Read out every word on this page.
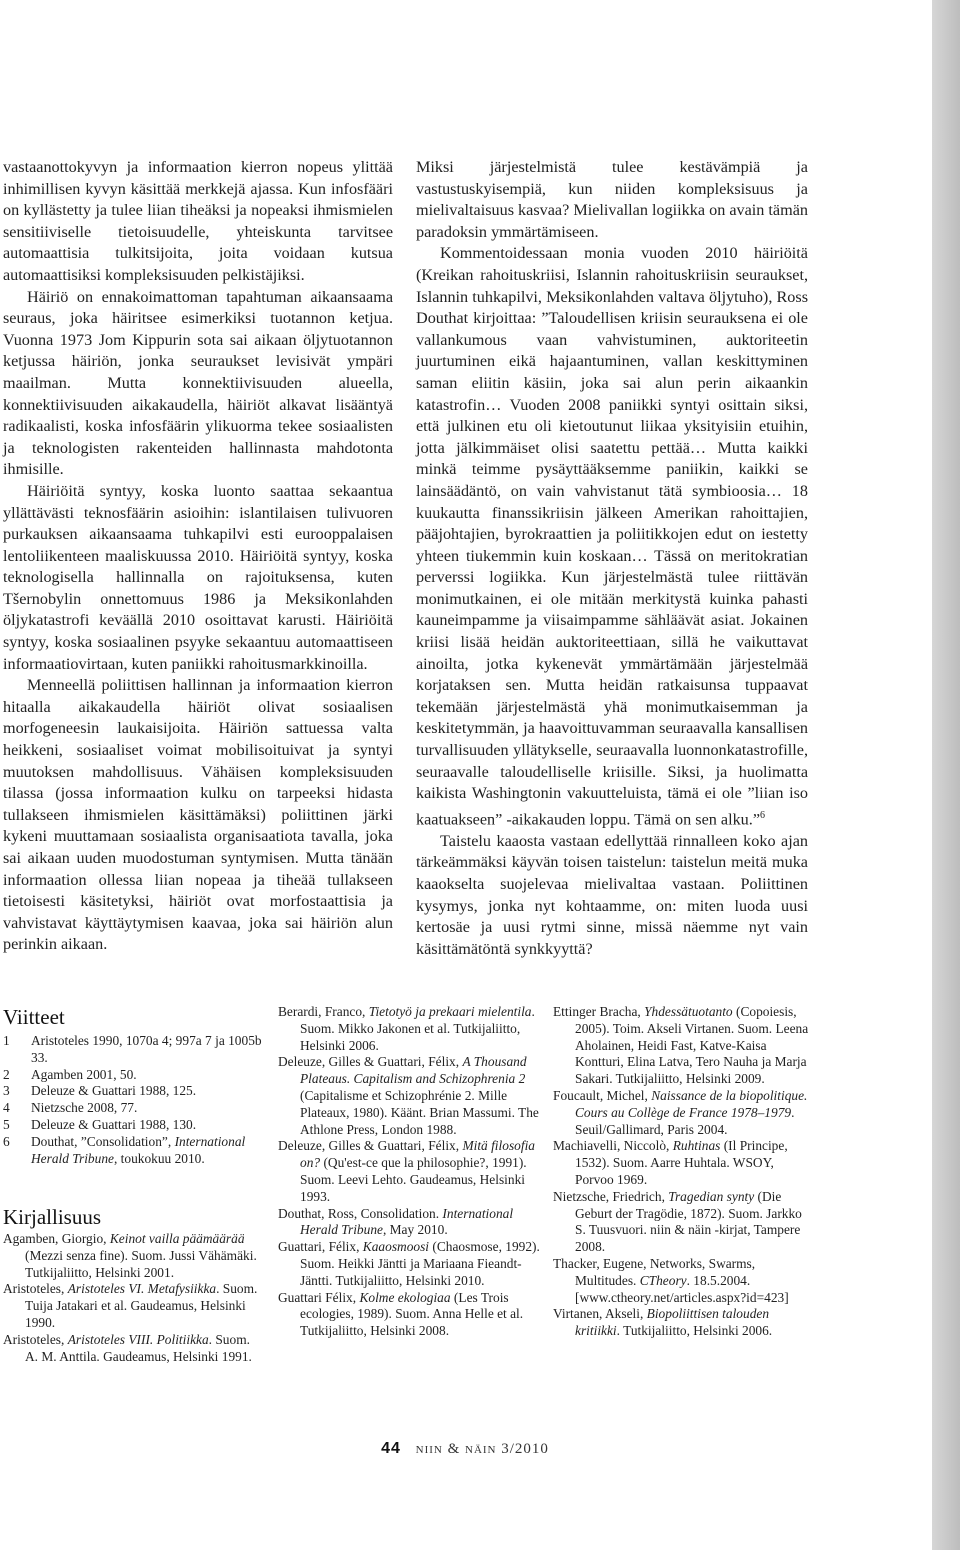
vastaanottokyvyn ja informaation kierron nopeus ylittää inhimillisen kyvyn käsittää merkkejä ajassa. Kun infosfääri on kyllästetty ja tulee liian tiheäksi ja nopeaksi ihmismielen sensitiiviselle tietoisuudelle, yhteiskunta tarvitsee automaattisia tulkitsijoita, joita voidaan kutsua automaattisiksi kompleksisuuden pelkistäjiksi.

Häiriö on ennakoimattoman tapahtuman aikaansaama seuraus, joka häiritsee esimerkiksi tuotannon ketjua. Vuonna 1973 Jom Kippurin sota sai aikaan öljytuotannon ketjussa häiriön, jonka seuraukset levisivät ympäri maailman. Mutta konnektiivisuuden alueella, konnektiivisuuden aikakaudella, häiriöt alkavat lisääntyä radikaalisti, koska infosfäärin ylikuorma tekee sosiaalisten ja teknologisten rakenteiden hallinnasta mahdotonta ihmisille.

Häiriöitä syntyy, koska luonto saattaa sekaantua yllättävästi teknosfäärin asioihin: islantilaisen tulivuoren purkauksen aikaansaama tuhkapilvi esti eurooppalaisen lentoliikenteen maaliskuussa 2010. Häiriöitä syntyy, koska teknologisella hallinnalla on rajoituksensa, kuten Tšernobylin onnettomuus 1986 ja Meksikonlahden öljykatastrofi keväällä 2010 osoittavat karusti. Häiriöitä syntyy, koska sosiaalinen psyyke sekaantuu automaattiseen informaatiovirtaan, kuten paniikki rahoitusmarkkinoilla.

Menneellä poliittisen hallinnan ja informaation kierron hitaalla aikakaudella häiriöt olivat sosiaalisen morfogeneesin laukaisijoita. Häiriön sattuessa valta heikkeni, sosiaaliset voimat mobilisoituivat ja syntyi muutoksen mahdollisuus. Vähäisen kompleksisuuden tilassa (jossa informaation kulku on tarpeeksi hidasta tullakseen ihmismielen käsittämäksi) poliittinen järki kykeni muuttamaan sosiaalista organisaatiota tavalla, joka sai aikaan uuden muodostuman syntymisen. Mutta tänään informaation ollessa liian nopeaa ja tiheää tullakseen tietoisesti käsitetyksi, häiriöt ovat morfostaattisia ja vahvistavat käyttäytymisen kaavaa, joka sai häiriön alun perinkin aikaan.

Miksi järjestelmistä tulee kestävämpiä ja vastustuskyisempiä, kun niiden kompleksisuus ja mielivaltaisuus kasvaa? Mielivallan logiikka on avain tämän paradoksin ymmärtämiseen.

Kommentoidessaan monia vuoden 2010 häiriöitä (Kreikan rahoituskriisi, Islannin rahoituskriisin seuraukset, Islannin tuhkapilvi, Meksikonlahden valtava öljytuho), Ross Douthat kirjoittaa: ”Taloudellisen kriisin seurauksena ei ole vallankumous vaan vahvistuminen, auktoriteetin juurtuminen eikä hajaantuminen, vallan keskittyminen saman eliitin käsiin, joka sai alun perin aikaankin katastrofin… Vuoden 2008 paniikki syntyi osittain siksi, että julkinen etu oli kietoutunut liikaa yksityisiin etuihin, jotta jälkimmäiset olisi saatettu pettää… Mutta kaikki minkä teimme pysäyttääksemme paniikin, kaikki se lainsäädäntö, on vain vahvistanut tätä symbioosia… 18 kuukautta finanssikriisin jälkeen Amerikan rahoittajien, pääjohtajien, byrokraattien ja poliitikkojen edut on iestetty yhteen tiukemmin kuin koskaan… Tässä on meritokratian perverssi logiikka. Kun järjestelmästä tulee riittävän monimutkainen, ei ole mitään merkitystä kuinka pahasti kauneimpamme ja viisaimpamme sähläävät asiat. Jokainen kriisi lisää heidän auktoriteettiaan, sillä he vaikuttavat ainoilta, jotka kykenevät ymmärtämään järjestelmää korjataksen sen. Mutta heidän ratkaisunsa tuppaavat tekemään järjestelmästä yhä monimutkaisemman ja keskitetymmän, ja haavoittuvamman seuraavalla kansallisen turvallisuuden yllätykselle, seuraavalla luonnonkatastrofille, seuraavalle taloudelliselle kriisille. Siksi, ja huolimatta kaikista Washingtonin vakuutteluista, tämä ei ole ”liian iso kaatuakseen” -aikakauden loppu. Tämä on sen alku.”$^6$

Taistelu kaaosta vastaan edellyttää rinnalleen koko ajan tärkeämmäksi käyvän toisen taistelun: taistelun meitä muka kaaokselta suojelevaa mielivaltaa vastaan. Poliittinen kysymys, jonka nyt kohtaamme, on: miten luoda uusi kertosäe ja uusi rytmi sinne, missä näemme nyt vain käsittämätöntä synkkyyttä?

Viitteet
1 Aristoteles 1990, 1070a 4; 997a 7 ja 1005b 33.
2 Agamben 2001, 50.
3 Deleuze & Guattari 1988, 125.
4 Nietzsche 2008, 77.
5 Deleuze & Guattari 1988, 130.
6 Douthat, ”Consolidation”, International Herald Tribune, toukokuu 2010.
Kirjallisuus

Agamben, Giorgio, Keinot vailla päämäärää (Mezzi senza fine). Suom. Jussi Vähämäki. Tutkijaliitto, Helsinki 2001.

Aristoteles, Aristoteles VI. Metafysiikka. Suom. Tuija Jatakari et al. Gaudeamus, Helsinki 1990.

Aristoteles, Aristoteles VIII. Politiikka. Suom. A. M. Anttila. Gaudeamus, Helsinki 1991.

Berardi, Franco, Tietotyö ja prekaari mielentila. Suom. Mikko Jakonen et al. Tutkijaliitto, Helsinki 2006.

Deleuze, Gilles & Guattari, Félix, A Thousand Plateaus. Capitalism and Schizophrenia 2 (Capitalisme et Schizophrénie 2. Mille Plateaux, 1980). Käänt. Brian Massumi. The Athlone Press, London 1988.

Deleuze, Gilles & Guattari, Félix, Mitä filosofia on? (Qu'est-ce que la philosophie?, 1991). Suom. Leevi Lehto. Gaudeamus, Helsinki 1993.

Douthat, Ross, Consolidation. International Herald Tribune, May 2010.

Guattari, Félix, Kaaosmoosi (Chaosmose, 1992). Suom. Heikki Jäntti ja Mariaana Fieandt-Jäntti. Tutkijaliitto, Helsinki 2010.

Guattari Félix, Kolme ekologiaa (Les Trois ecologies, 1989). Suom. Anna Helle et al. Tutkijaliitto, Helsinki 2008.

Ettinger Bracha, Yhdessätuotanto (Copoiesis, 2005). Toim. Akseli Virtanen. Suom. Leena Aholainen, Heidi Fast, Katve-Kaisa Kontturi, Elina Latva, Tero Nauha ja Marja Sakari. Tutkijaliitto, Helsinki 2009.

Foucault, Michel, Naissance de la biopolitique. Cours au Collège de France 1978–1979. Seuil/Gallimard, Paris 2004.

Machiavelli, Niccolò, Ruhtinas (Il Principe, 1532). Suom. Aarre Huhtala. WSOY, Porvoo 1969.

Nietzsche, Friedrich, Tragedian synty (Die Geburt der Tragödie, 1872). Suom. Jarkko S. Tuusvuori. niin & näin -kirjat, Tampere 2008.

Thacker, Eugene, Networks, Swarms, Multitudes. CTheory. 18.5.2004. [www.ctheory.net/articles.aspx?id=423]

Virtanen, Akseli, Biopoliittisen talouden kritiikki. Tutkijaliitto, Helsinki 2006.

44 niin & näin 3/2010
